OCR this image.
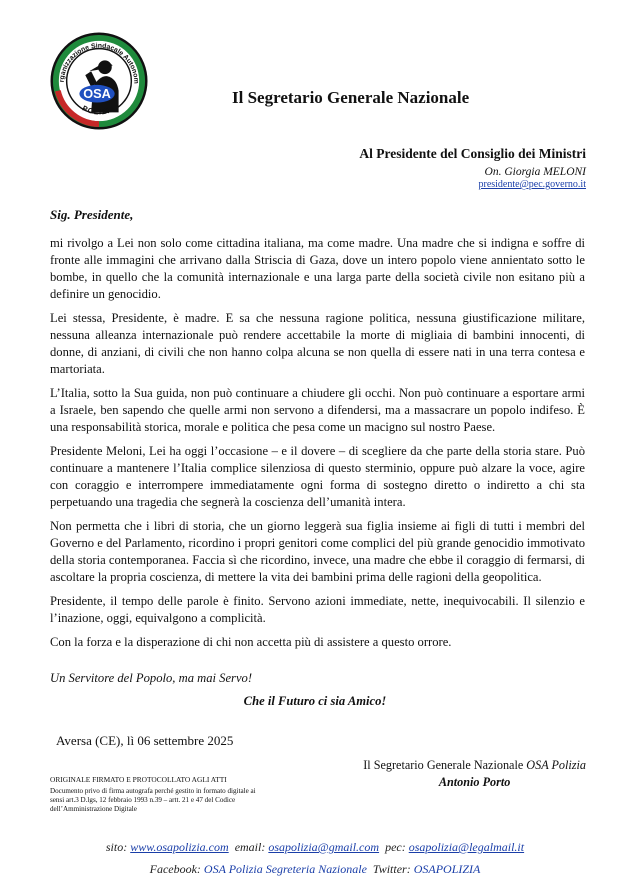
rganizzazione Sindacale Autonom
OSA
POLIZIA
Il Segretario Generale Nazionale
Al Presidente del Consiglio dei Ministri
On. Giorgia MELONI
presidente@pec.governo.it
Sig. Presidente,

mi rivolgo a Lei non solo come cittadina italiana, ma come madre. Una madre che si indigna e soffre di fronte alle immagini che arrivano dalla Striscia di Gaza, dove un intero popolo viene annientato sotto le bombe, in quello che la comunità internazionale e una larga parte della società civile non esitano più a definire un genocidio.

Lei stessa, Presidente, è madre. E sa che nessuna ragione politica, nessuna giustificazione militare, nessuna alleanza internazionale può rendere accettabile la morte di migliaia di bambini innocenti, di donne, di anziani, di civili che non hanno colpa alcuna se non quella di essere nati in una terra contesa e martoriata.

L’Italia, sotto la Sua guida, non può continuare a chiudere gli occhi. Non può continuare a esportare armi a Israele, ben sapendo che quelle armi non servono a difendersi, ma a massacrare un popolo indifeso. È una responsabilità storica, morale e politica che pesa come un macigno sul nostro Paese.

Presidente Meloni, Lei ha oggi l’occasione – e il dovere – di scegliere da che parte della storia stare. Può continuare a mantenere l’Italia complice silenziosa di questo sterminio, oppure può alzare la voce, agire con coraggio e interrompere immediatamente ogni forma di sostegno diretto o indiretto a chi sta perpetuando una tragedia che segnerà la coscienza dell’umanità intera.

Non permetta che i libri di storia, che un giorno leggerà sua figlia insieme ai figli di tutti i membri del Governo e del Parlamento, ricordino i propri genitori come complici del più grande genocidio immotivato della storia contemporanea. Faccia sì che ricordino, invece, una madre che ebbe il coraggio di fermarsi, di ascoltare la propria coscienza, di mettere la vita dei bambini prima delle ragioni della geopolitica.

Presidente, il tempo delle parole è finito. Servono azioni immediate, nette, inequivocabili. Il silenzio e l’inazione, oggi, equivalgono a complicità.

Con la forza e la disperazione di chi non accetta più di assistere a questo orrore.

Un Servitore del Popolo, ma mai Servo!
Che il Futuro ci sia Amico!
Aversa (CE), lì 06 settembre 2025
Il Segretario Generale Nazionale OSA Polizia
Antonio Porto
ORIGINALE FIRMATO E PROTOCOLLATO AGLI ATTI
Documento privo di firma autografa perché gestito in formato digitale ai sensi art.3 D.lgs, 12 febbraio 1993 n.39 – artt. 21 e 47 del Codice dell’Amministrazione Digitale
sito: www.osapolizia.com email: osapolizia@gmail.com pec: osapolizia@legalmail.it
Facebook: OSA Polizia Segreteria Nazionale Twitter: OSAPOLIZIA
